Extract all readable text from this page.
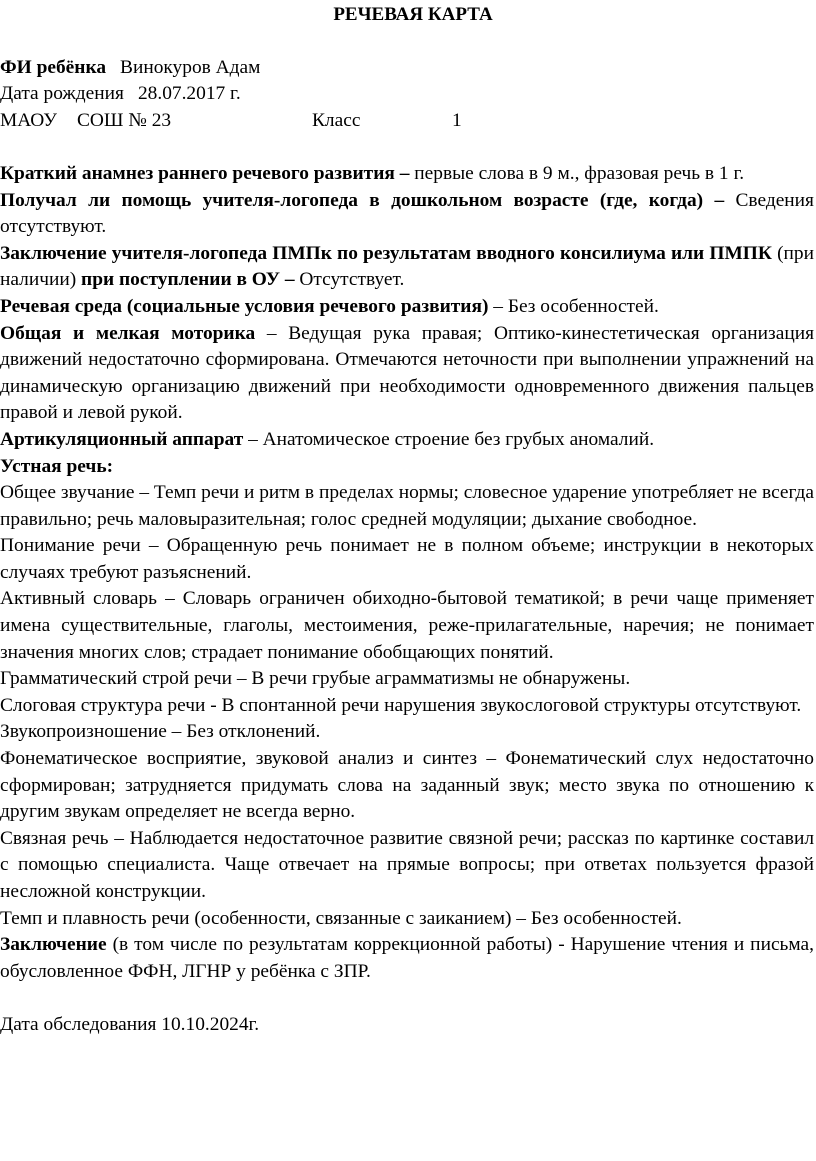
РЕЧЕВАЯ КАРТА

ФИ ребёнка Винокуров Адам

Дата рождения 28.07.2017 г.

МАОУ СОШ № 23	Класс	1

Краткий анамнез раннего речевого развития – первые слова в 9 м., фразовая речь в 1 г.

Получал ли помощь учителя-логопеда в дошкольном возрасте (где, когда) – Сведения отсутствуют.

Заключение учителя-логопеда ПМПк по результатам вводного консилиума или ПМПК (при наличии) при поступлении в ОУ – Отсутствует.

Речевая среда (социальные условия речевого развития) – Без особенностей.

Общая и мелкая моторика – Ведущая рука правая; Оптико-кинестетическая организация движений недостаточно сформирована. Отмечаются неточности при выполнении упражнений на динамическую организацию движений при необходимости одновременного движения пальцев правой и левой рукой.

Артикуляционный аппарат – Анатомическое строение без грубых аномалий.

Устная речь:

Общее звучание – Темп речи и ритм в пределах нормы; словесное ударение употребляет не всегда правильно; речь маловыразительная; голос средней модуляции; дыхание свободное.

Понимание речи – Обращенную речь понимает не в полном объеме; инструкции в некоторых случаях требуют разъяснений.

Активный словарь – Словарь ограничен обиходно-бытовой тематикой; в речи чаще применяет имена существительные, глаголы, местоимения, реже-прилагательные, наречия; не понимает значения многих слов; страдает понимание обобщающих понятий.

Грамматический строй речи – В речи грубые аграмматизмы не обнаружены.

Слоговая структура речи - В спонтанной речи нарушения звукослоговой структуры отсутствуют.

Звукопроизношение – Без отклонений.

Фонематическое восприятие, звуковой анализ и синтез – Фонематический слух недостаточно сформирован; затрудняется придумать слова на заданный звук; место звука по отношению к другим звукам определяет не всегда верно.

Связная речь – Наблюдается недостаточное развитие связной речи; рассказ по картинке составил с помощью специалиста. Чаще отвечает на прямые вопросы; при ответах пользуется фразой несложной конструкции.

Темп и плавность речи (особенности, связанные с заиканием) – Без особенностей.

Заключение (в том числе по результатам коррекционной работы) - Нарушение чтения и письма, обусловленное ФФН, ЛГНР у ребёнка с ЗПР.

Дата обследования 10.10.2024г.
